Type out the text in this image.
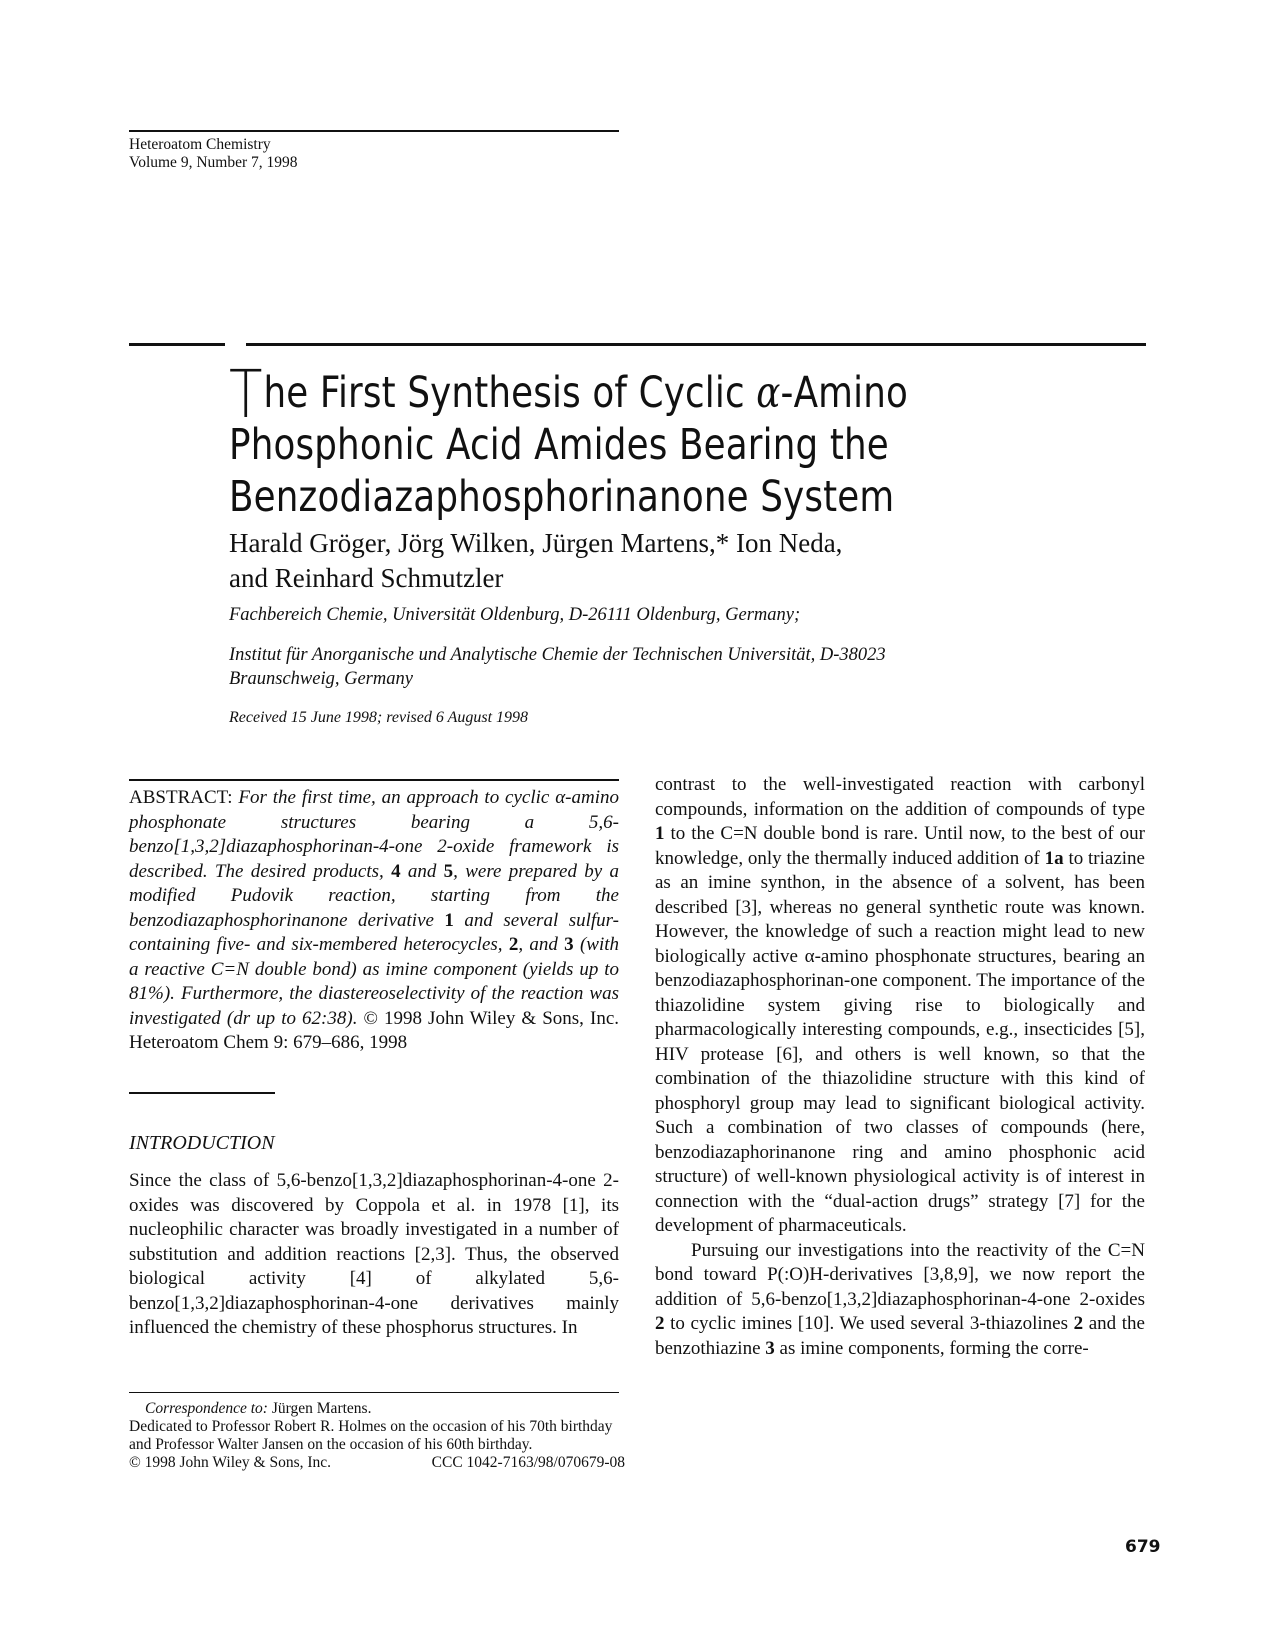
Heteroatom Chemistry
Volume 9, Number 7, 1998
The First Synthesis of Cyclic α-Amino
Phosphonic Acid Amides Bearing the
Benzodiazaphosphorinanone System
Harald Gröger, Jörg Wilken, Jürgen Martens,* Ion Neda,
and Reinhard Schmutzler
Fachbereich Chemie, Universität Oldenburg, D-26111 Oldenburg, Germany;
Institut für Anorganische und Analytische Chemie der Technischen Universität, D-38023
Braunschweig, Germany
Received 15 June 1998; revised 6 August 1998

ABSTRACT: For the first time, an approach to cyclic α-amino phosphonate structures bearing a 5,6-benzo[1,3,2]diazaphosphorinan-4-one 2-oxide framework is described. The desired products, 4 and 5, were prepared by a modified Pudovik reaction, starting from the benzodiazaphosphorinanone derivative 1 and several sulfur-containing five- and six-membered heterocycles, 2, and 3 (with a reactive C=N double bond) as imine component (yields up to 81%). Furthermore, the diastereoselectivity of the reaction was investigated (dr up to 62:38). © 1998 John Wiley & Sons, Inc. Heteroatom Chem 9: 679–686, 1998

INTRODUCTION

Since the class of 5,6-benzo[1,3,2]diazaphosphorinan-4-one 2-oxides was discovered by Coppola et al. in 1978 [1], its nucleophilic character was broadly investigated in a number of substitution and addition reactions [2,3]. Thus, the observed biological activity [4] of alkylated 5,6-benzo[1,3,2]diazaphosphorinan-4-one derivatives mainly influenced the chemistry of these phosphorus structures. In

Correspondence to: Jürgen Martens.
Dedicated to Professor Robert R. Holmes on the occasion of his 70th birthday and Professor Walter Jansen on the occasion of his 60th birthday.
© 1998 John Wiley & Sons, Inc.	CCC 1042-7163/98/070679-08

contrast to the well-investigated reaction with carbonyl compounds, information on the addition of compounds of type 1 to the C=N double bond is rare. Until now, to the best of our knowledge, only the thermally induced addition of 1a to triazine as an imine synthon, in the absence of a solvent, has been described [3], whereas no general synthetic route was known. However, the knowledge of such a reaction might lead to new biologically active α-amino phosphonate structures, bearing an benzodiazaphosphorinan-one component. The importance of the thiazolidine system giving rise to biologically and pharmacologically interesting compounds, e.g., insecticides [5], HIV protease [6], and others is well known, so that the combination of the thiazolidine structure with this kind of phosphoryl group may lead to significant biological activity. Such a combination of two classes of compounds (here, benzodiazaphorinanone ring and amino phosphonic acid structure) of well-known physiological activity is of interest in connection with the “dual-action drugs” strategy [7] for the development of pharmaceuticals.

Pursuing our investigations into the reactivity of the C=N bond toward P(:O)H-derivatives [3,8,9], we now report the addition of 5,6-benzo[1,3,2]diazaphosphorinan-4-one 2-oxides 2 to cyclic imines [10]. We used several 3-thiazolines 2 and the benzothiazine 3 as imine components, forming the corre-

679
